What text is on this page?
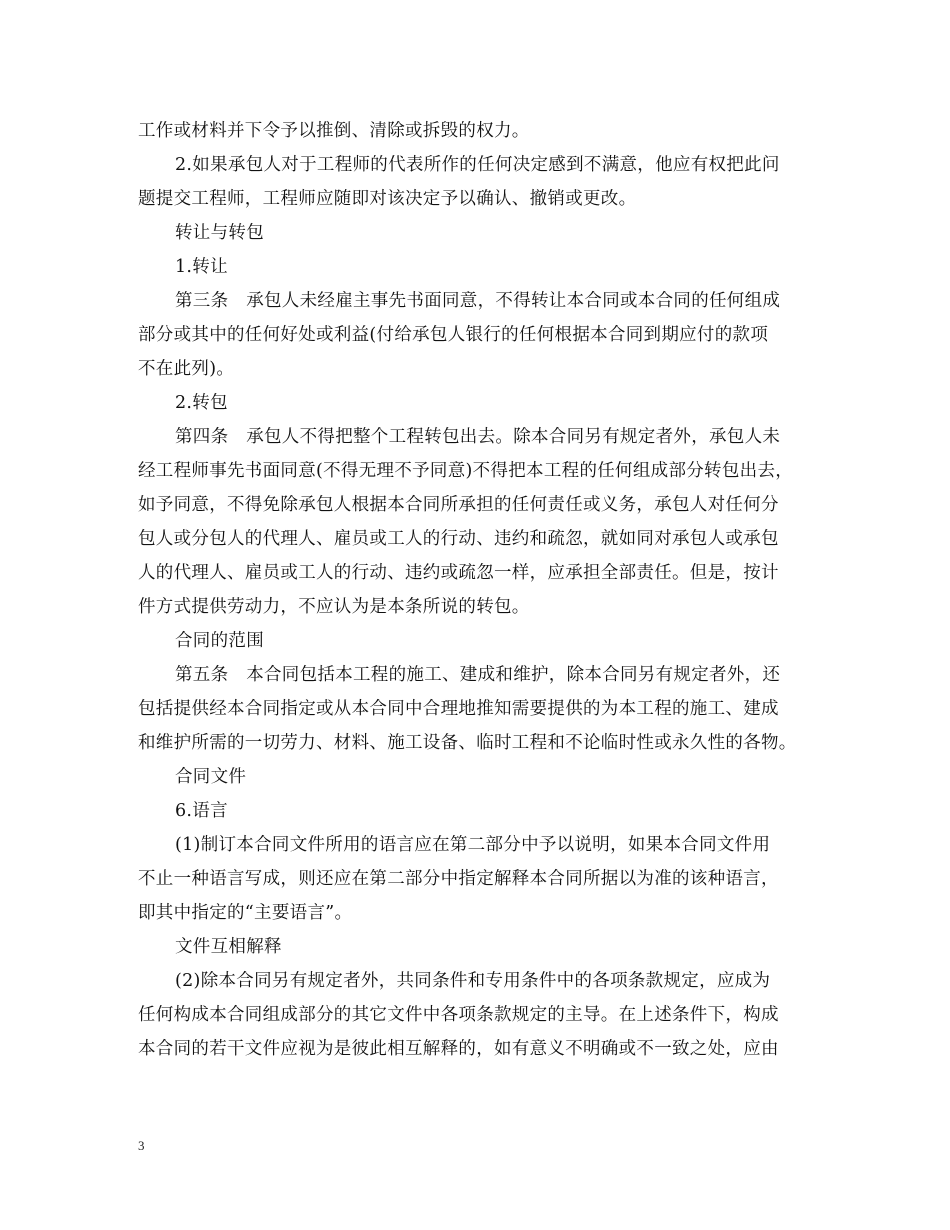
工作或材料并下令予以推倒、清除或拆毁的权力。
2.如果承包人对于工程师的代表所作的任何决定感到不满意，他应有权把此问
题提交工程师，工程师应随即对该决定予以确认、撤销或更改。
转让与转包
1.转让
第三条　承包人未经雇主事先书面同意，不得转让本合同或本合同的任何组成
部分或其中的任何好处或利益(付给承包人银行的任何根据本合同到期应付的款项
不在此列)。
2.转包
第四条　承包人不得把整个工程转包出去。除本合同另有规定者外，承包人未
经工程师事先书面同意(不得无理不予同意)不得把本工程的任何组成部分转包出去，
如予同意，不得免除承包人根据本合同所承担的任何责任或义务，承包人对任何分
包人或分包人的代理人、雇员或工人的行动、违约和疏忽，就如同对承包人或承包
人的代理人、雇员或工人的行动、违约或疏忽一样，应承担全部责任。但是，按计
件方式提供劳动力，不应认为是本条所说的转包。
合同的范围
第五条　本合同包括本工程的施工、建成和维护，除本合同另有规定者外，还
包括提供经本合同指定或从本合同中合理地推知需要提供的为本工程的施工、建成
和维护所需的一切劳力、材料、施工设备、临时工程和不论临时性或永久性的各物。
合同文件
6.语言
(1)制订本合同文件所用的语言应在第二部分中予以说明，如果本合同文件用
不止一种语言写成，则还应在第二部分中指定解释本合同所据以为准的该种语言，
即其中指定的“主要语言”。
文件互相解释
(2)除本合同另有规定者外，共同条件和专用条件中的各项条款规定，应成为
任何构成本合同组成部分的其它文件中各项条款规定的主导。在上述条件下，构成
本合同的若干文件应视为是彼此相互解释的，如有意义不明确或不一致之处，应由
3
